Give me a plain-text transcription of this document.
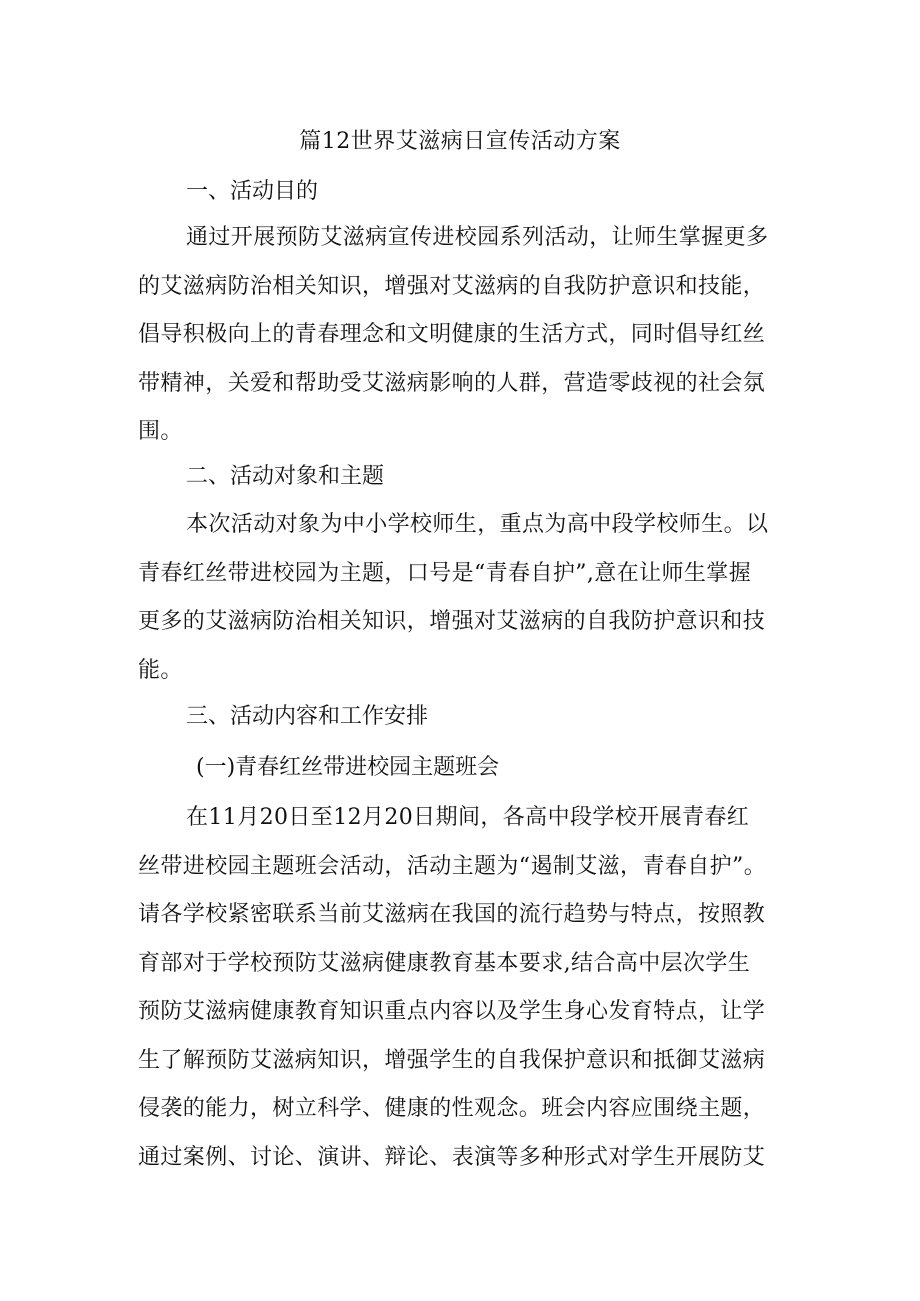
篇12世界艾滋病日宣传活动方案
一、活动目的
通过开展预防艾滋病宣传进校园系列活动，让师生掌握更多
的艾滋病防治相关知识，增强对艾滋病的自我防护意识和技能，
倡导积极向上的青春理念和文明健康的生活方式，同时倡导红丝
带精神，关爱和帮助受艾滋病影响的人群，营造零歧视的社会氛
围。
二、活动对象和主题
本次活动对象为中小学校师生，重点为高中段学校师生。以
青春红丝带进校园为主题，口号是“青春自护”,意在让师生掌握
更多的艾滋病防治相关知识，增强对艾滋病的自我防护意识和技
能。
三、活动内容和工作安排
(一)青春红丝带进校园主题班会
在11月20日至12月20日期间，各高中段学校开展青春红
丝带进校园主题班会活动，活动主题为“遏制艾滋，青春自护”。
请各学校紧密联系当前艾滋病在我国的流行趋势与特点，按照教
育部对于学校预防艾滋病健康教育基本要求,结合高中层次学生
预防艾滋病健康教育知识重点内容以及学生身心发育特点，让学
生了解预防艾滋病知识，增强学生的自我保护意识和抵御艾滋病
侵袭的能力，树立科学、健康的性观念。班会内容应围绕主题，
通过案例、讨论、演讲、辩论、表演等多种形式对学生开展防艾
